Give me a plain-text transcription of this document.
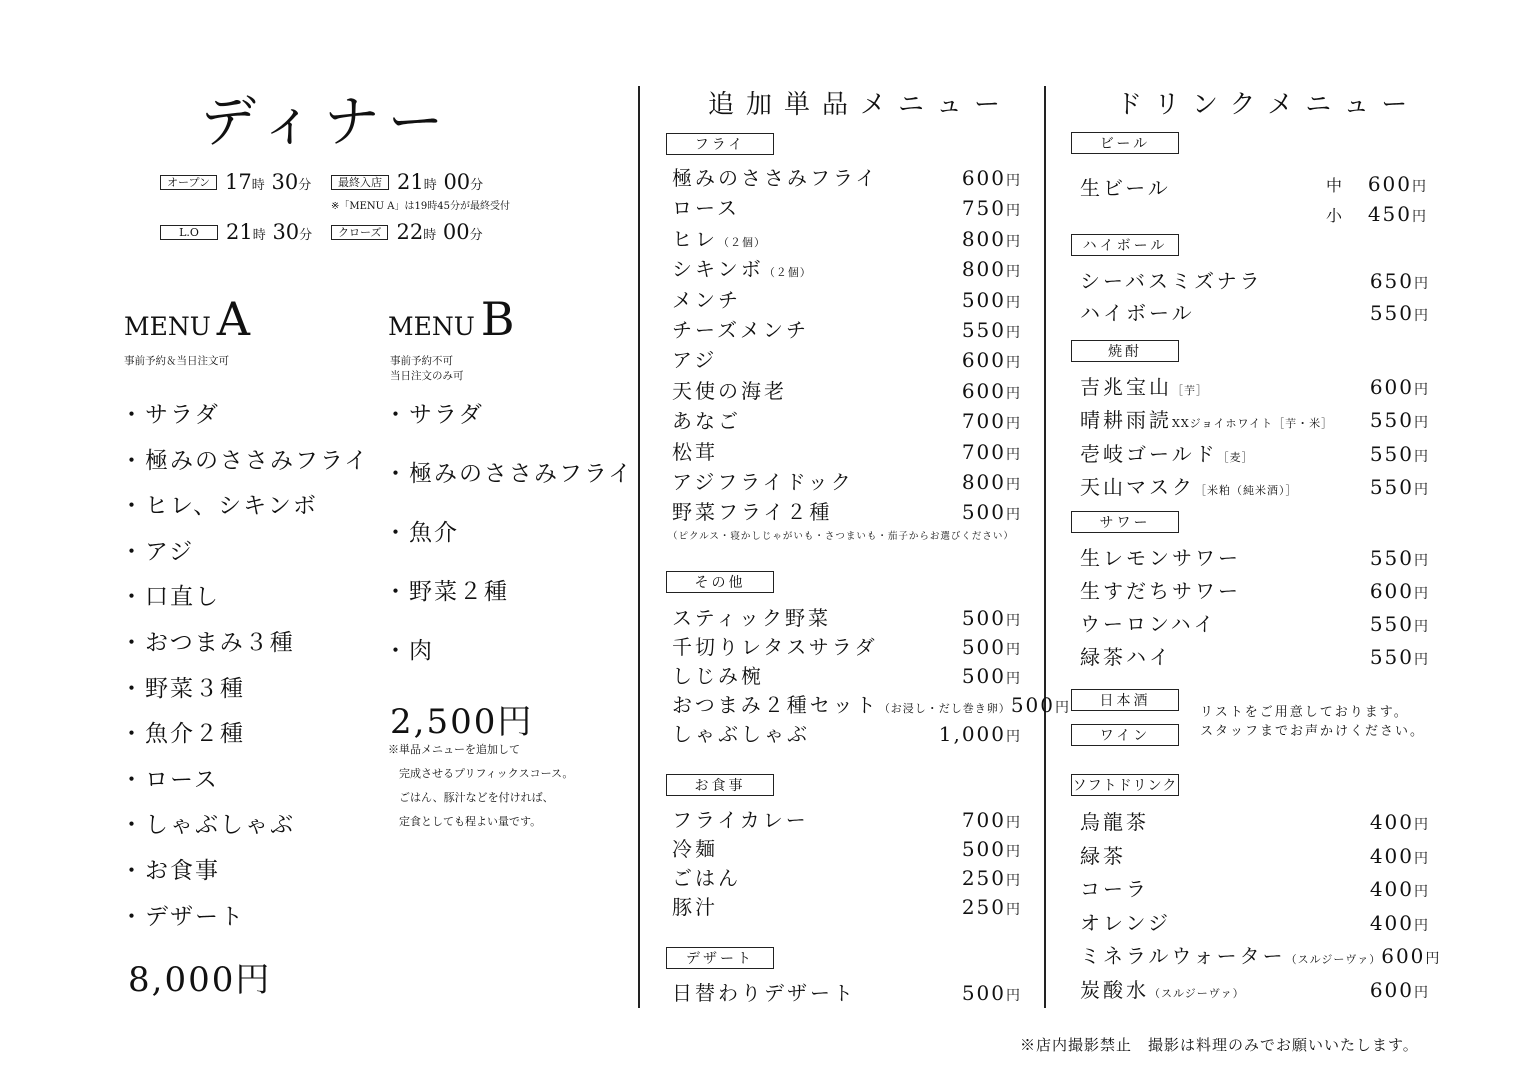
ディナー
オープン 17 時
30 分	最終入店 21 時
00 分
※「MENU A」は19時45分が最終受付
L.O	21 時
30 分	クローズ 22 時
00 分
MENU A
事前予約＆当日注文可
・サラダ
・極みのささみフライ
・ヒレ、シキンボ
・アジ
・口直し
・おつまみ３種
・野菜３種
・魚介２種
・ロース
・しゃぶしゃぶ
・お食事
・デザート
8,000円
MENU B
事前予約不可
当日注文のみ可
・サラダ
・極みのささみフライ
・魚介
・野菜２種
・肉
2,500円
※単品メニューを追加して
　完成させるプリフィックスコース。
　ごはん、豚汁などを付ければ、
　定食としても程よい量です。
追加単品メニュー
フライ
極みのささみフライ	600円
ロース	750円
ヒレ（２個）	800円
シキンボ（２個）	800円
メンチ	500円
チーズメンチ	550円
アジ	600円
天使の海老	600円
あなご	700円
松茸	700円
アジフライドック	800円
野菜フライ２種	500円
（ピクルス・寝かしじゃがいも・さつまいも・茄子からお選びください）
その他
スティック野菜	500円
千切りレタスサラダ	500円
しじみ椀	500円
おつまみ２種セット（お浸し・だし巻き卵） 500円
しゃぶしゃぶ	1,000円
お食事
フライカレー	700円
冷麺	500円
ごはん	250円
豚汁	250円
デザート
日替わりデザート	500円
ドリンクメニュー
ビール
生ビール	中	600円
小	450円
ハイボール
シーバスミズナラ	650円
ハイボール	550円
焼酎
吉兆宝山［芋］	600円
晴耕雨読XXジョイホワイト［芋・米］	550円
壱岐ゴールド［麦］	550円
天山マスク［米粕（純米酒）］	550円
サワー
生レモンサワー	550円
生すだちサワー	600円
ウーロンハイ	550円
緑茶ハイ	550円
日本酒
ワイン
リストをご用意しております。
スタッフまでお声かけください。
ソフトドリンク
烏龍茶	400円
緑茶	400円
コーラ	400円
オレンジ	400円
ミネラルウォーター（スルジーヴァ） 600円
炭酸水（スルジーヴァ）	600円
※店内撮影禁止　撮影は料理のみでお願いいたします。
